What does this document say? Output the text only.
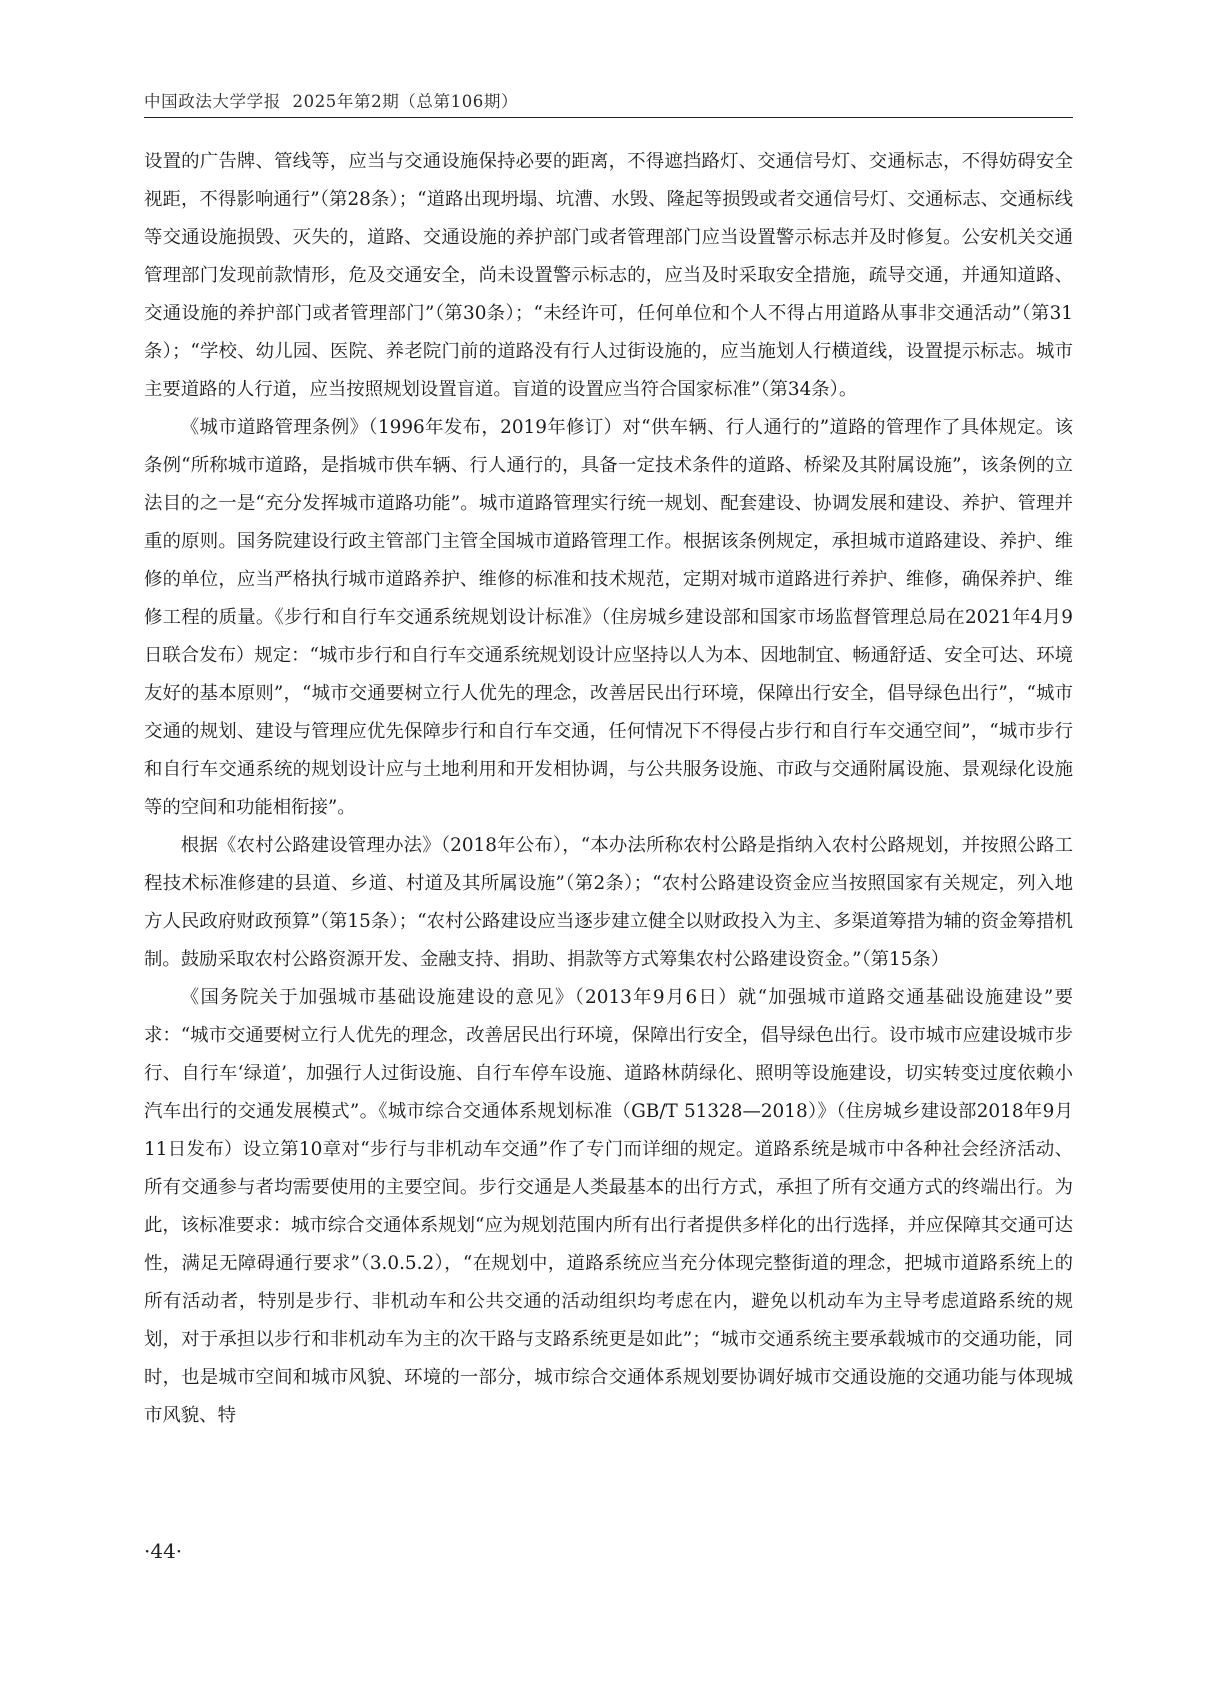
中国政法大学学报 2025年第2期（总第106期）

设置的广告牌、管线等，应当与交通设施保持必要的距离，不得遮挡路灯、交通信号灯、交通标志，不得妨碍安全视距，不得影响通行”（第28条）；“道路出现坍塌、坑漕、水毁、隆起等损毁或者交通信号灯、交通标志、交通标线等交通设施损毁、灭失的，道路、交通设施的养护部门或者管理部门应当设置警示标志并及时修复。公安机关交通管理部门发现前款情形，危及交通安全，尚未设置警示标志的，应当及时采取安全措施，疏导交通，并通知道路、交通设施的养护部门或者管理部门”（第30条）；“未经许可，任何单位和个人不得占用道路从事非交通活动”（第31条）；“学校、幼儿园、医院、养老院门前的道路没有行人过街设施的，应当施划人行横道线，设置提示标志。城市主要道路的人行道，应当按照规划设置盲道。盲道的设置应当符合国家标准”（第34条）。

《城市道路管理条例》（1996年发布，2019年修订）对“供车辆、行人通行的”道路的管理作了具体规定。该条例“所称城市道路，是指城市供车辆、行人通行的，具备一定技术条件的道路、桥梁及其附属设施”，该条例的立法目的之一是“充分发挥城市道路功能”。城市道路管理实行统一规划、配套建设、协调发展和建设、养护、管理并重的原则。国务院建设行政主管部门主管全国城市道路管理工作。根据该条例规定，承担城市道路建设、养护、维修的单位，应当严格执行城市道路养护、维修的标准和技术规范，定期对城市道路进行养护、维修，确保养护、维修工程的质量。《步行和自行车交通系统规划设计标准》（住房城乡建设部和国家市场监督管理总局在2021年4月9日联合发布）规定：“城市步行和自行车交通系统规划设计应坚持以人为本、因地制宜、畅通舒适、安全可达、环境友好的基本原则”，“城市交通要树立行人优先的理念，改善居民出行环境，保障出行安全，倡导绿色出行”，“城市交通的规划、建设与管理应优先保障步行和自行车交通，任何情况下不得侵占步行和自行车交通空间”，“城市步行和自行车交通系统的规划设计应与土地利用和开发相协调，与公共服务设施、市政与交通附属设施、景观绿化设施等的空间和功能相衔接”。

根据《农村公路建设管理办法》（2018年公布），“本办法所称农村公路是指纳入农村公路规划，并按照公路工程技术标准修建的县道、乡道、村道及其所属设施”（第2条）；“农村公路建设资金应当按照国家有关规定，列入地方人民政府财政预算”（第15条）；“农村公路建设应当逐步建立健全以财政投入为主、多渠道筹措为辅的资金筹措机制。鼓励采取农村公路资源开发、金融支持、捐助、捐款等方式筹集农村公路建设资金。”（第15条）

《国务院关于加强城市基础设施建设的意见》（2013年9月6日）就“加强城市道路交通基础设施建设”要求：“城市交通要树立行人优先的理念，改善居民出行环境，保障出行安全，倡导绿色出行。设市城市应建设城市步行、自行车‘绿道’，加强行人过街设施、自行车停车设施、道路林荫绿化、照明等设施建设，切实转变过度依赖小汽车出行的交通发展模式”。《城市综合交通体系规划标准（GB/T 51328—2018）》（住房城乡建设部2018年9月11日发布）设立第10章对“步行与非机动车交通”作了专门而详细的规定。道路系统是城市中各种社会经济活动、所有交通参与者均需要使用的主要空间。步行交通是人类最基本的出行方式，承担了所有交通方式的终端出行。为此，该标准要求：城市综合交通体系规划“应为规划范围内所有出行者提供多样化的出行选择，并应保障其交通可达性，满足无障碍通行要求”（3.0.5.2），“在规划中，道路系统应当充分体现完整街道的理念，把城市道路系统上的所有活动者，特别是步行、非机动车和公共交通的活动组织均考虑在内，避免以机动车为主导考虑道路系统的规划，对于承担以步行和非机动车为主的次干路与支路系统更是如此”；“城市交通系统主要承载城市的交通功能，同时，也是城市空间和城市风貌、环境的一部分，城市综合交通体系规划要协调好城市交通设施的交通功能与体现城市风貌、特

·44·
